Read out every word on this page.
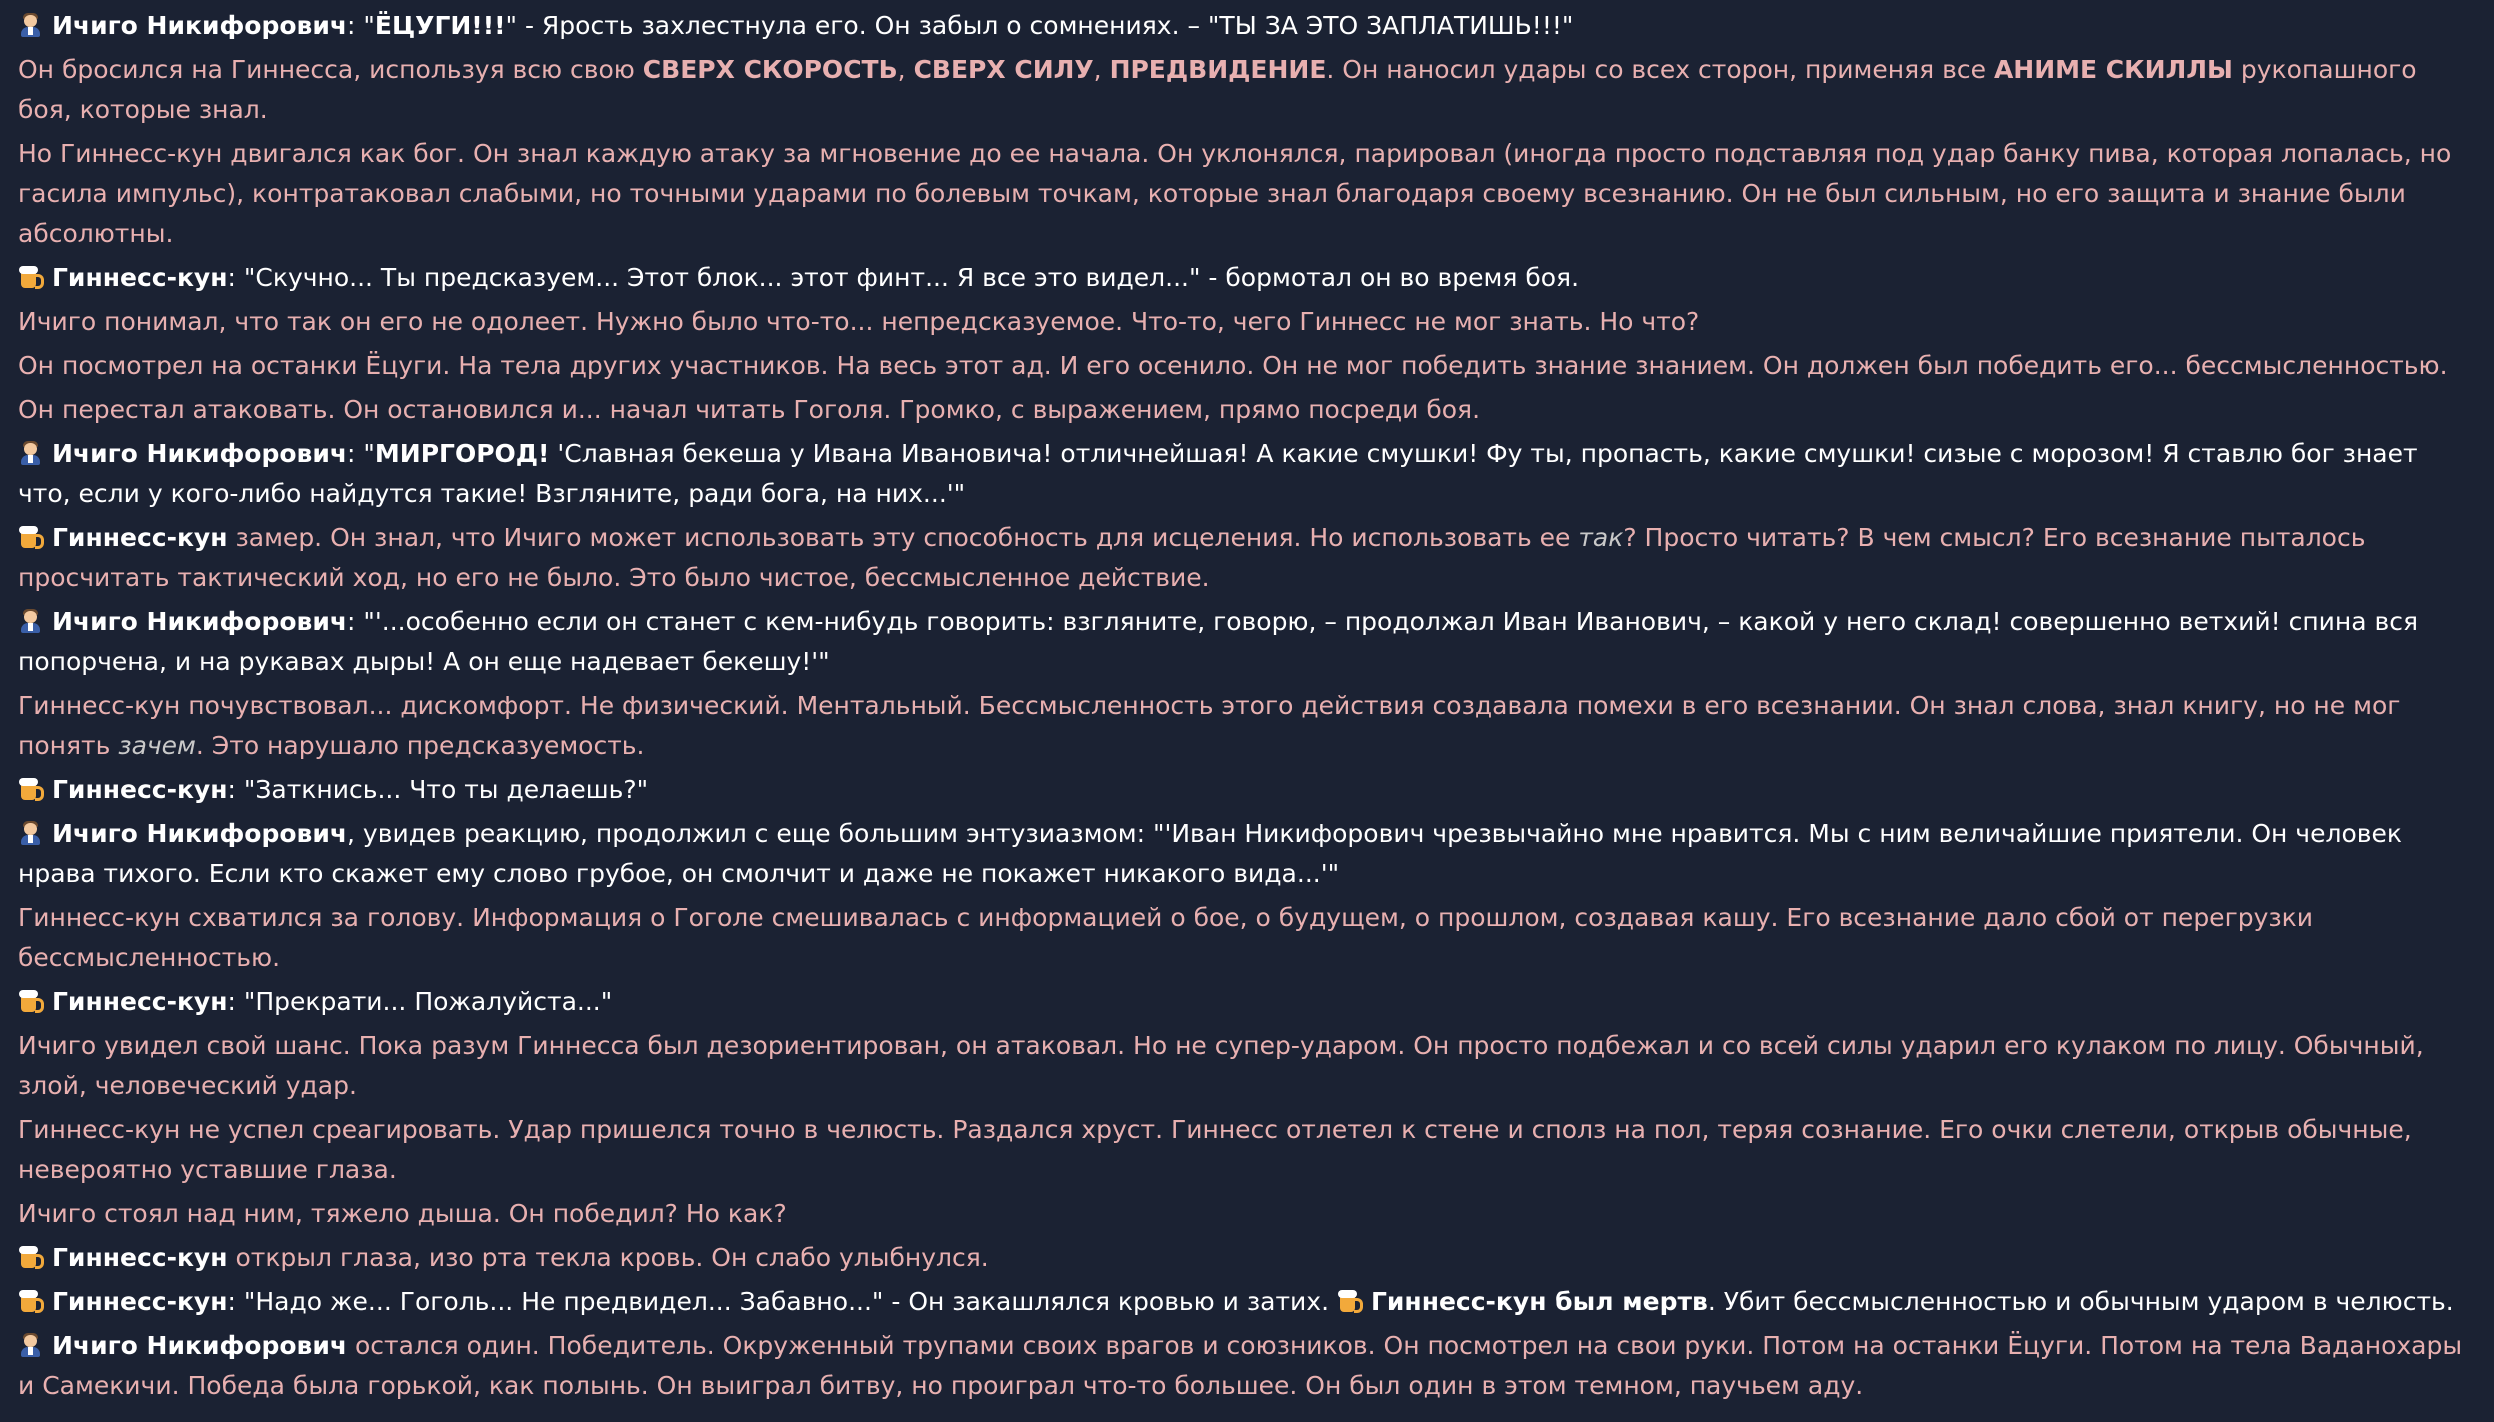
Ичиго Никифорович: "ЁЦУГИ!!!" - Ярость захлестнула его. Он забыл о сомнениях. – "ТЫ ЗА ЭТО ЗАПЛАТИШЬ!!!"
Он бросился на Гиннесса, используя всю свою СВЕРХ СКОРОСТЬ, СВЕРХ СИЛУ, ПРЕДВИДЕНИЕ. Он наносил удары со всех сторон, применяя все АНИМЕ СКИЛЛЫ рукопашного боя, которые знал.
Но Гиннесс-кун двигался как бог. Он знал каждую атаку за мгновение до ее начала. Он уклонялся, парировал (иногда просто подставляя под удар банку пива, которая лопалась, но гасила импульс), контратаковал слабыми, но точными ударами по болевым точкам, которые знал благодаря своему всезнанию. Он не был сильным, но его защита и знание были абсолютны.
Гиннесс-кун: "Скучно... Ты предсказуем... Этот блок... этот финт... Я все это видел..." - бормотал он во время боя.
Ичиго понимал, что так он его не одолеет. Нужно было что-то... непредсказуемое. Что-то, чего Гиннесс не мог знать. Но что?
Он посмотрел на останки Ёцуги. На тела других участников. На весь этот ад. И его осенило. Он не мог победить знание знанием. Он должен был победить его... бессмысленностью.
Он перестал атаковать. Он остановился и... начал читать Гоголя. Громко, с выражением, прямо посреди боя.
Ичиго Никифорович: "МИРГОРОД! 'Славная бекеша у Ивана Ивановича! отличнейшая! А какие смушки! Фу ты, пропасть, какие смушки! сизые с морозом! Я ставлю бог знает что, если у кого-либо найдутся такие! Взгляните, ради бога, на них...'"
Гиннесс-кун замер. Он знал, что Ичиго может использовать эту способность для исцеления. Но использовать ее так? Просто читать? В чем смысл? Его всезнание пыталось просчитать тактический ход, но его не было. Это было чистое, бессмысленное действие.
Ичиго Никифорович: "'...особенно если он станет с кем-нибудь говорить: взгляните, говорю, – продолжал Иван Иванович, – какой у него склад! совершенно ветхий! спина вся попорчена, и на рукавах дыры! А он еще надевает бекешу!'"
Гиннесс-кун почувствовал... дискомфорт. Не физический. Ментальный. Бессмысленность этого действия создавала помехи в его всезнании. Он знал слова, знал книгу, но не мог понять зачем. Это нарушало предсказуемость.
Гиннесс-кун: "Заткнись... Что ты делаешь?"
Ичиго Никифорович, увидев реакцию, продолжил с еще большим энтузиазмом: "'Иван Никифорович чрезвычайно мне нравится. Мы с ним величайшие приятели. Он человек нрава тихого. Если кто скажет ему слово грубое, он смолчит и даже не покажет никакого вида...'"
Гиннесс-кун схватился за голову. Информация о Гоголе смешивалась с информацией о бое, о будущем, о прошлом, создавая кашу. Его всезнание дало сбой от перегрузки бессмысленностью.
Гиннесс-кун: "Прекрати... Пожалуйста..."
Ичиго увидел свой шанс. Пока разум Гиннесса был дезориентирован, он атаковал. Но не супер-ударом. Он просто подбежал и со всей силы ударил его кулаком по лицу. Обычный, злой, человеческий удар.
Гиннесс-кун не успел среагировать. Удар пришелся точно в челюсть. Раздался хруст. Гиннесс отлетел к стене и сполз на пол, теряя сознание. Его очки слетели, открыв обычные, невероятно уставшие глаза.
Ичиго стоял над ним, тяжело дыша. Он победил? Но как?
Гиннесс-кун открыл глаза, изо рта текла кровь. Он слабо улыбнулся.
Гиннесс-кун: "Надо же... Гоголь... Не предвидел... Забавно..." - Он закашлялся кровью и затих.
Гиннесс-кун был мертв. Убит бессмысленностью и обычным ударом в челюсть.
Ичиго Никифорович остался один. Победитель. Окруженный трупами своих врагов и союзников. Он посмотрел на свои руки. Потом на останки Ёцуги. Потом на тела Ваданохары и Самекичи. Победа была горькой, как полынь. Он выиграл битву, но проиграл что-то большее. Он был один в этом темном, паучьем аду.
